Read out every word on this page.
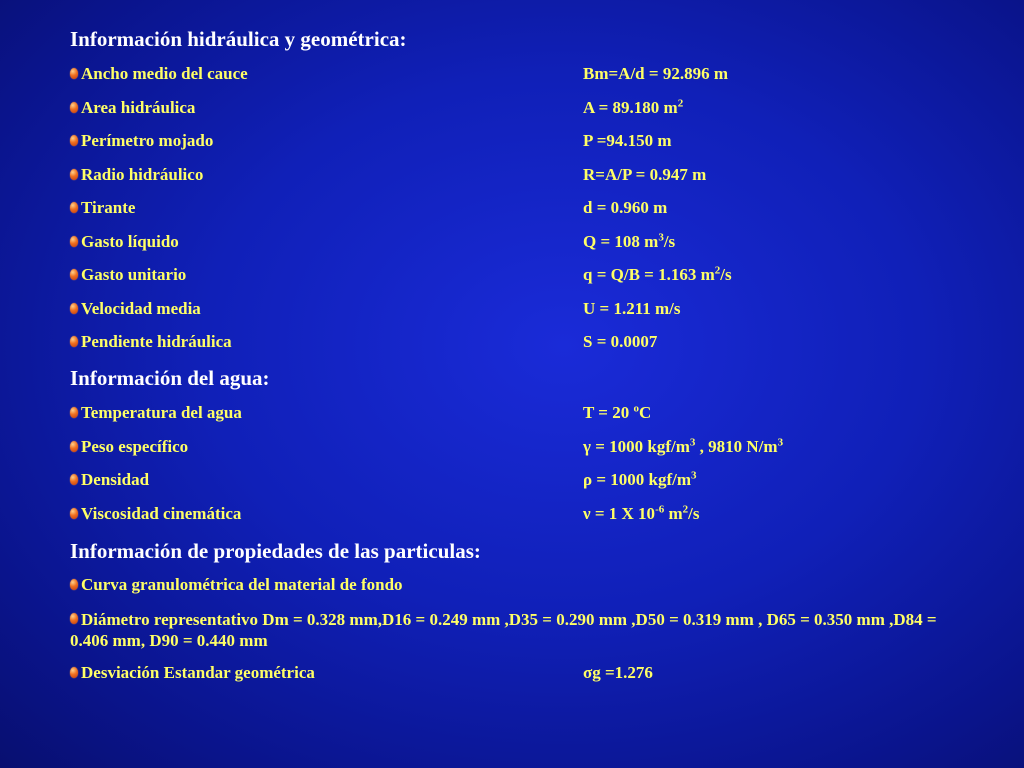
Información hidráulica y geométrica:
Ancho medio del cauce	Bm=A/d = 92.896 m
Area hidráulica	A = 89.180 $m^2$
Perímetro mojado	P =94.150 m
Radio hidráulico	R=A/P = 0.947 m
Tirante	d = 0.960 m
Gasto líquido	Q = 108 $m^3/s$
Gasto unitario	q = Q/B = 1.163 $m^2/s$
Velocidad media	U = 1.211 m/s
Pendiente hidráulica	S = 0.0007
Información del agua:
Temperatura del agua	T = 20 $^o$C
Peso específico	γ = 1000 kgf/$m^3$ , 9810 $N/m^3$
Densidad	ρ = 1000 kgf/$m^3$
Viscosidad cinemática	ν = 1 X $10^{-6}$ $m^2/s$
Información de propiedades de las particulas:
Curva granulométrica del material de fondo
Diámetro representativo Dm = 0.328 mm,D16 = 0.249 mm ,D35 = 0.290 mm ,D50 = 0.319 mm , D65 = 0.350 mm ,D84 = 0.406 mm, D90 = 0.440 mm
Desviación Estandar geométrica	σg =1.276
